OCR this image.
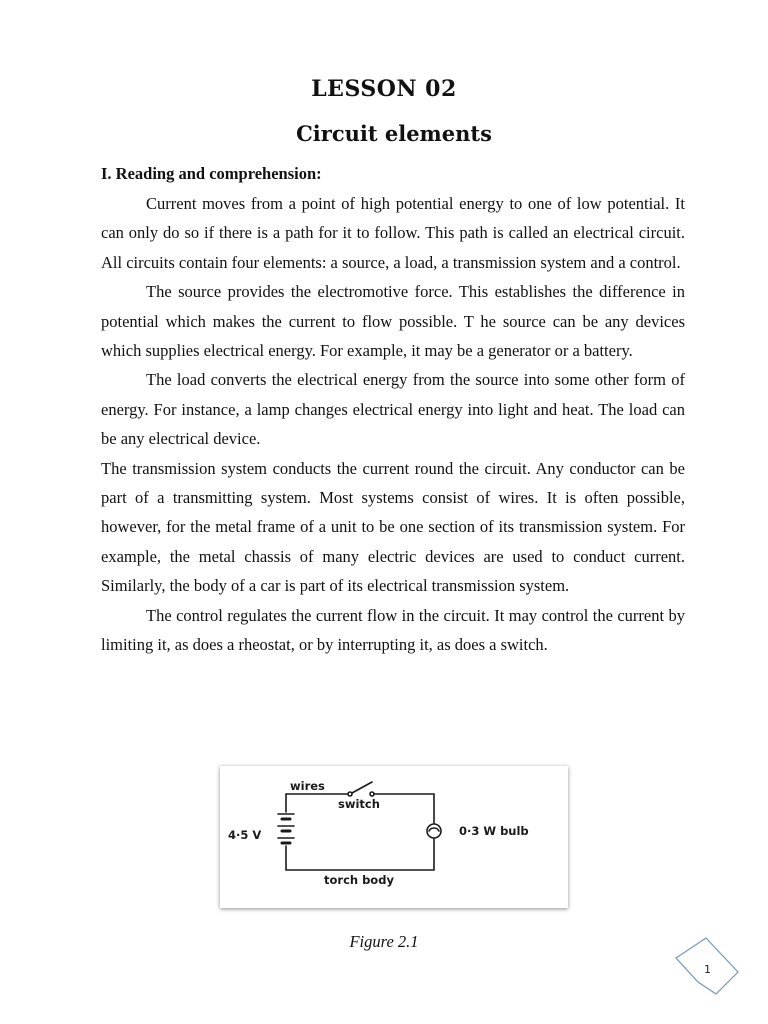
LESSON 02
Circuit elements
I. Reading and comprehension:

Current moves from a point of high potential energy to one of low potential. It can only do so if there is a path for it to follow. This path is called an electrical circuit. All circuits contain four elements: a source, a load, a transmission system and a control.

The source provides the electromotive force. This establishes the difference in potential which makes the current to flow possible. T he source can be any devices which supplies electrical energy. For example, it may be a generator or a battery.

The load converts the electrical energy from the source into some other form of energy. For instance, a lamp changes electrical energy into light and heat. The load can be any electrical device.

The transmission system conducts the current round the circuit. Any conductor can be part of a transmitting system. Most systems consist of wires. It is often possible, however, for the metal frame of a unit to be one section of its transmission system. For example, the metal chassis of many electric devices are used to conduct current. Similarly, the body of a car is part of its electrical transmission system.

The control regulates the current flow in the circuit. It may control the current by limiting it, as does a rheostat, or by interrupting it, as does a switch.

wires
switch
4·5 V	0·3 W bulb
torch body
Figure 2.1
1
